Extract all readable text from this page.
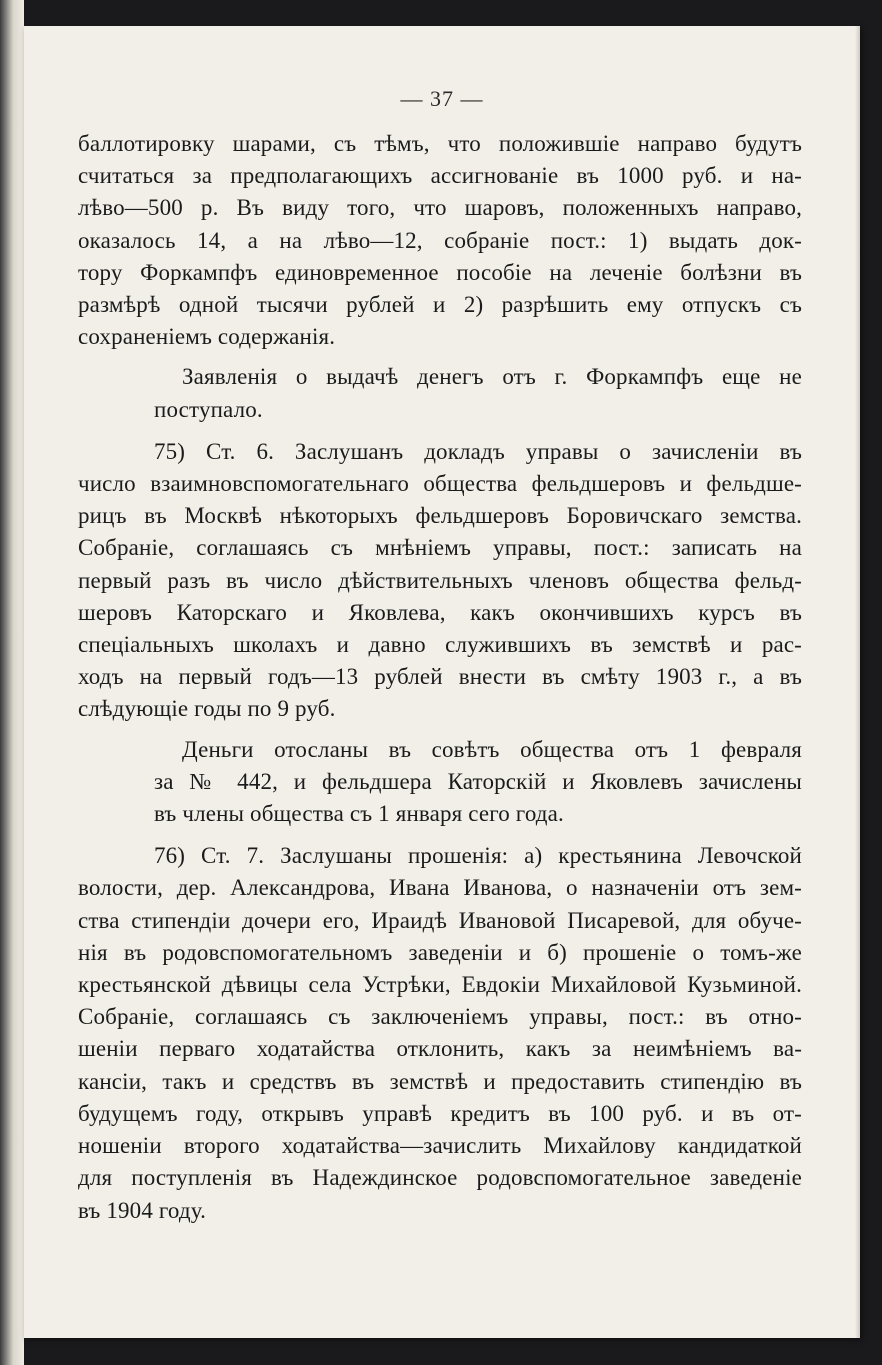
— 37 —
баллотировку шарами, съ тѣмъ, что положившіе направо будутъ
считаться за предполагающихъ ассигнованіе въ 1000 руб. и на-
лѣво—500 р. Въ виду того, что шаровъ, положенныхъ направо,
оказалось 14, а на лѣво—12, собраніе пост.: 1) выдать док-
тору Форкампфъ единовременное пособіе на леченіе болѣзни въ
размѣрѣ одной тысячи рублей и 2) разрѣшить ему отпускъ съ
сохраненіемъ содержанія.
Заявленія о выдачѣ денегъ отъ г. Форкампфъ еще не
поступало.
75) Ст. 6. Заслушанъ докладъ управы о зачисленіи въ
число взаимновспомогательнаго общества фельдшеровъ и фельдше-
рицъ въ Москвѣ нѣкоторыхъ фельдшеровъ Боровичскаго земства.
Собраніе, соглашаясь съ мнѣніемъ управы, пост.: записать на
первый разъ въ число дѣйствительныхъ членовъ общества фельд-
шеровъ Каторскаго и Яковлева, какъ окончившихъ курсъ въ
спеціальныхъ школахъ и давно служившихъ въ земствѣ и рас-
ходъ на первый годъ—13 рублей внести въ смѣту 1903 г., а въ
слѣдующіе годы по 9 руб.
Деньги отосланы въ совѣтъ общества отъ 1 февраля
за № 442, и фельдшера Каторскій и Яковлевъ зачислены
въ члены общества съ 1 января сего года.
76) Ст. 7. Заслушаны прошенія: а) крестьянина Левочской
волости, дер. Александрова, Ивана Иванова, о назначеніи отъ зем-
ства стипендіи дочери его, Ираидѣ Ивановой Писаревой, для обуче-
нія въ родовспомогательномъ заведеніи и б) прошеніе о томъ-же
крестьянской дѣвицы села Устрѣки, Евдокіи Михайловой Кузьминой.
Собраніе, соглашаясь съ заключеніемъ управы, пост.: въ отно-
шеніи перваго ходатайства отклонить, какъ за неимѣніемъ ва-
кансіи, такъ и средствъ въ земствѣ и предоставить стипендію въ
будущемъ году, открывъ управѣ кредитъ въ 100 руб. и въ от-
ношеніи второго ходатайства—зачислить Михайлову кандидаткой
для поступленія въ Надеждинское родовспомогательное заведеніе
въ 1904 году.
